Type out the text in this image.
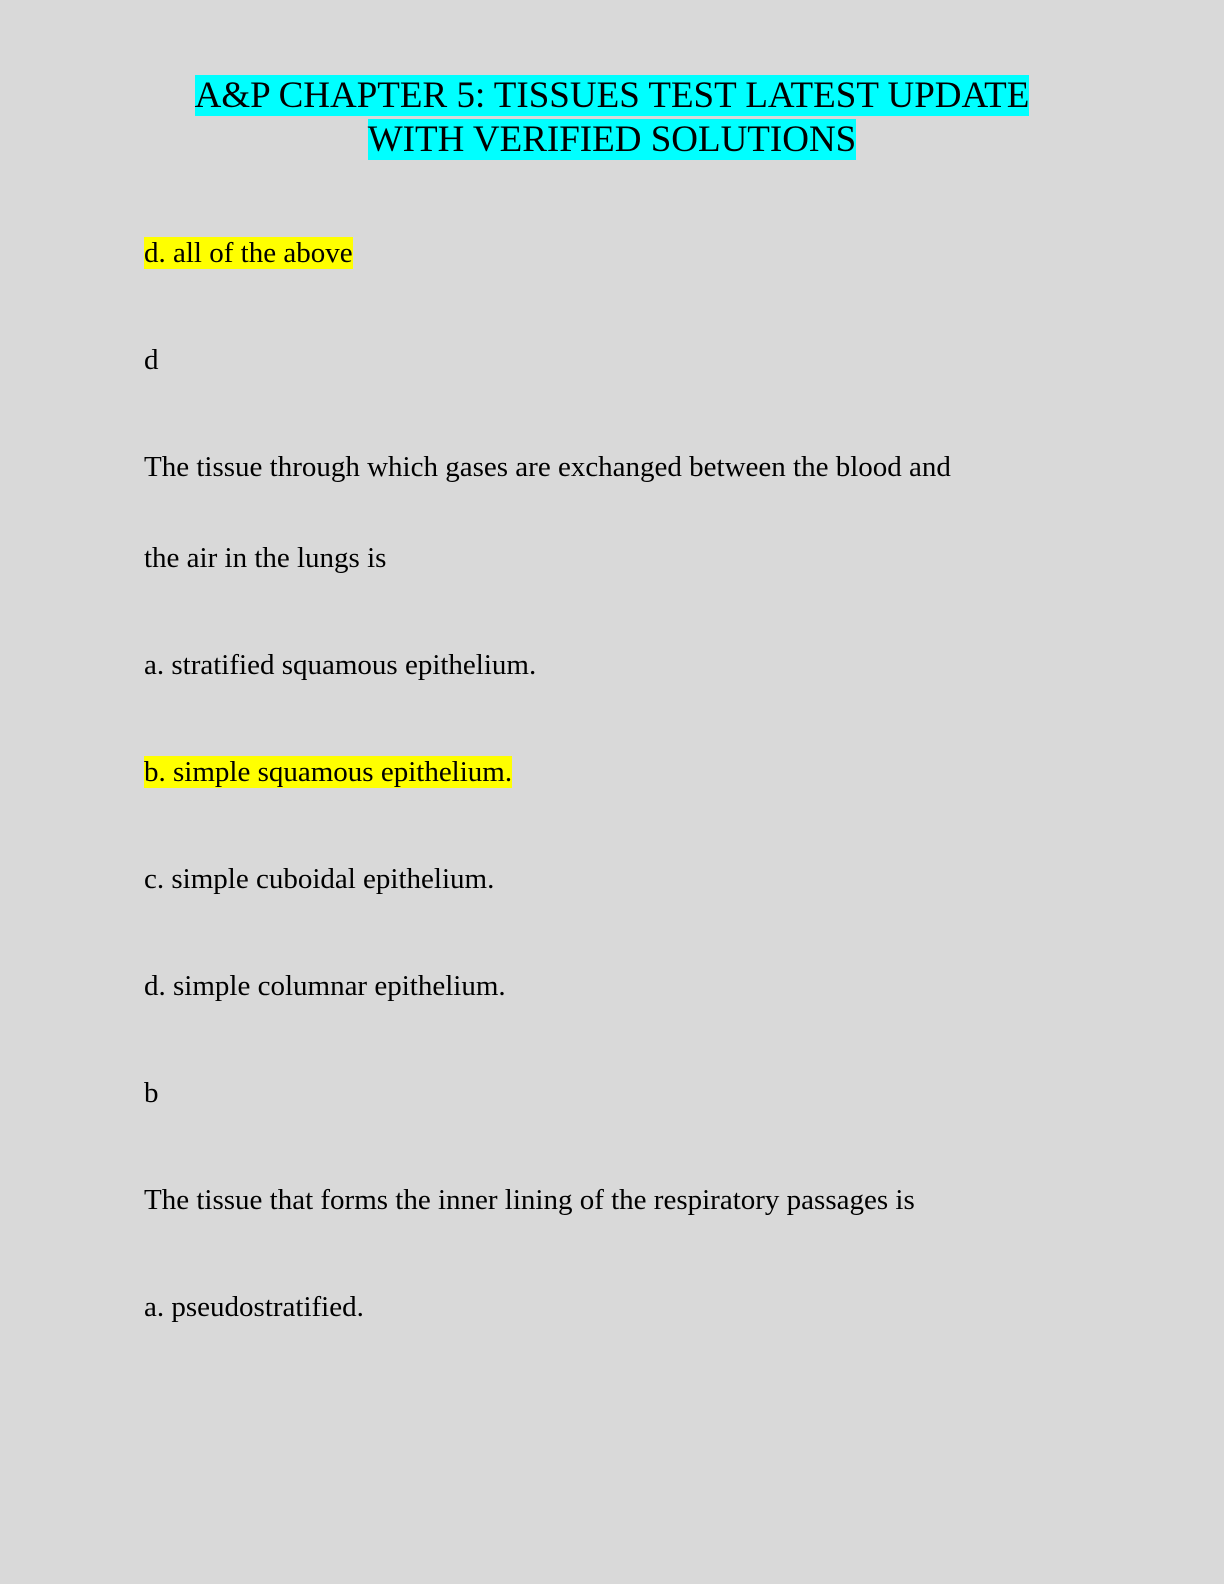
A&P CHAPTER 5: TISSUES TEST LATEST UPDATE
WITH VERIFIED SOLUTIONS
d. all of the above
d
The tissue through which gases are exchanged between the blood and
the air in the lungs is
a. stratified squamous epithelium.
b. simple squamous epithelium.
c. simple cuboidal epithelium.
d. simple columnar epithelium.
b
The tissue that forms the inner lining of the respiratory passages is
a. pseudostratified.
